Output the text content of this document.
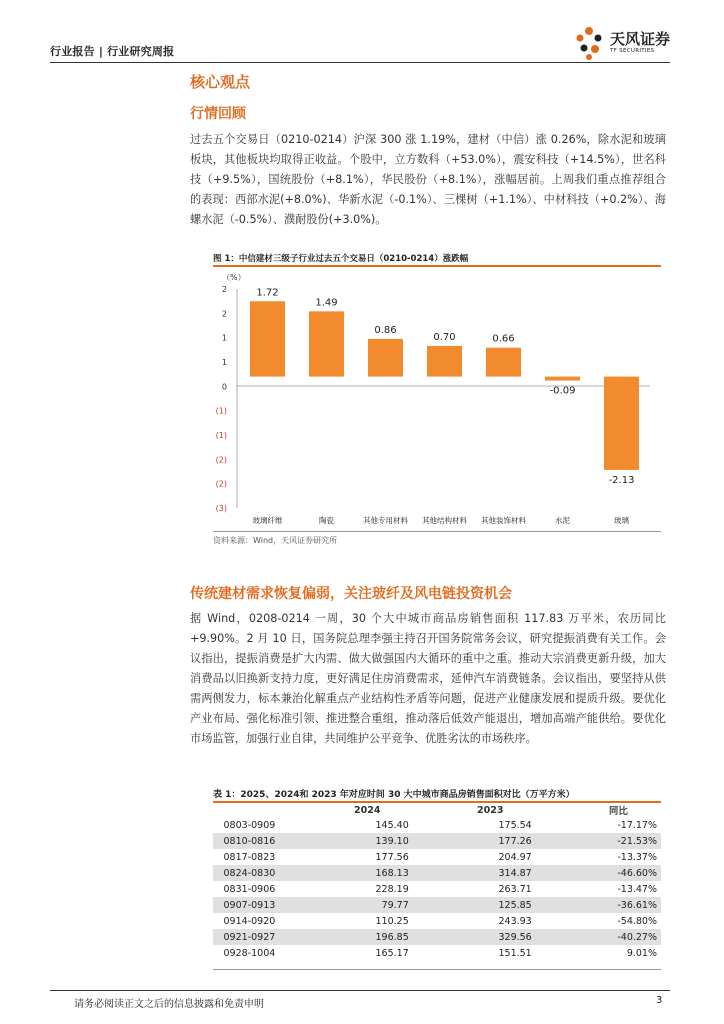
行业报告 | 行业研究周报
天风证券
TF SECURITIES
核心观点
行情回顾
过去五个交易日（0210-0214）沪深 300 涨 1.19%，建材（中信）涨 0.26%，除水泥和玻璃板块，其他板块均取得正收益。个股中，立方数科（+53.0%），震安科技（+14.5%），世名科技（+9.5%），国统股份（+8.1%），华民股份（+8.1%），涨幅居前。上周我们重点推荐组合的表现：西部水泥(+8.0%)、华新水泥（-0.1%）、三棵树（+1.1%）、中材科技（+0.2%）、海螺水泥（-0.5%）、濮耐股份(+3.0%)。
图 1：中信建材三级子行业过去五个交易日（0210-0214）涨跌幅
（%）
2
2
1
1
0
(1)
(1)
(2)
(2)
(3)
1.72
1.49
0.86
0.70	0.66
-0.09
-2.13
玻璃纤维	陶瓷	其他专用材料 其他结构材料 其他装饰材料	水泥	玻璃
资料来源：Wind，天风证券研究所
传统建材需求恢复偏弱，关注玻纤及风电链投资机会
据 Wind，0208-0214 一周，30 个大中城市商品房销售面积 117.83 万平米，农历同比+9.90%。2 月 10 日，国务院总理李强主持召开国务院常务会议，研究提振消费有关工作。会议指出，提振消费是扩大内需、做大做强国内大循环的重中之重。推动大宗消费更新升级，加大消费品以旧换新支持力度，更好满足住房消费需求，延伸汽车消费链条。会议指出，要坚持从供需两侧发力，标本兼治化解重点产业结构性矛盾等问题，促进产业健康发展和提质升级。要优化产业布局、强化标准引领、推进整合重组，推动落后低效产能退出，增加高端产能供给。要优化市场监管，加强行业自律，共同维护公平竞争、优胜劣汰的市场秩序。
表 1：2025、2024和 2023 年对应时间 30 大中城市商品房销售面积对比（万平方米）
	2024	2023	同比
0803-0909	145.40	175.54	-17.17%
0810-0816	139.10	177.26	-21.53%
0817-0823	177.56	204.97	-13.37%
0824-0830	168.13	314.87	-46.60%
0831-0906	228.19	263.71	-13.47%
0907-0913	79.77	125.85	-36.61%
0914-0920	110.25	243.93	-54.80%
0921-0927	196.85	329.56	-40.27%
0928-1004	165.17	151.51	9.01%
请务必阅读正文之后的信息披露和免责申明	3
